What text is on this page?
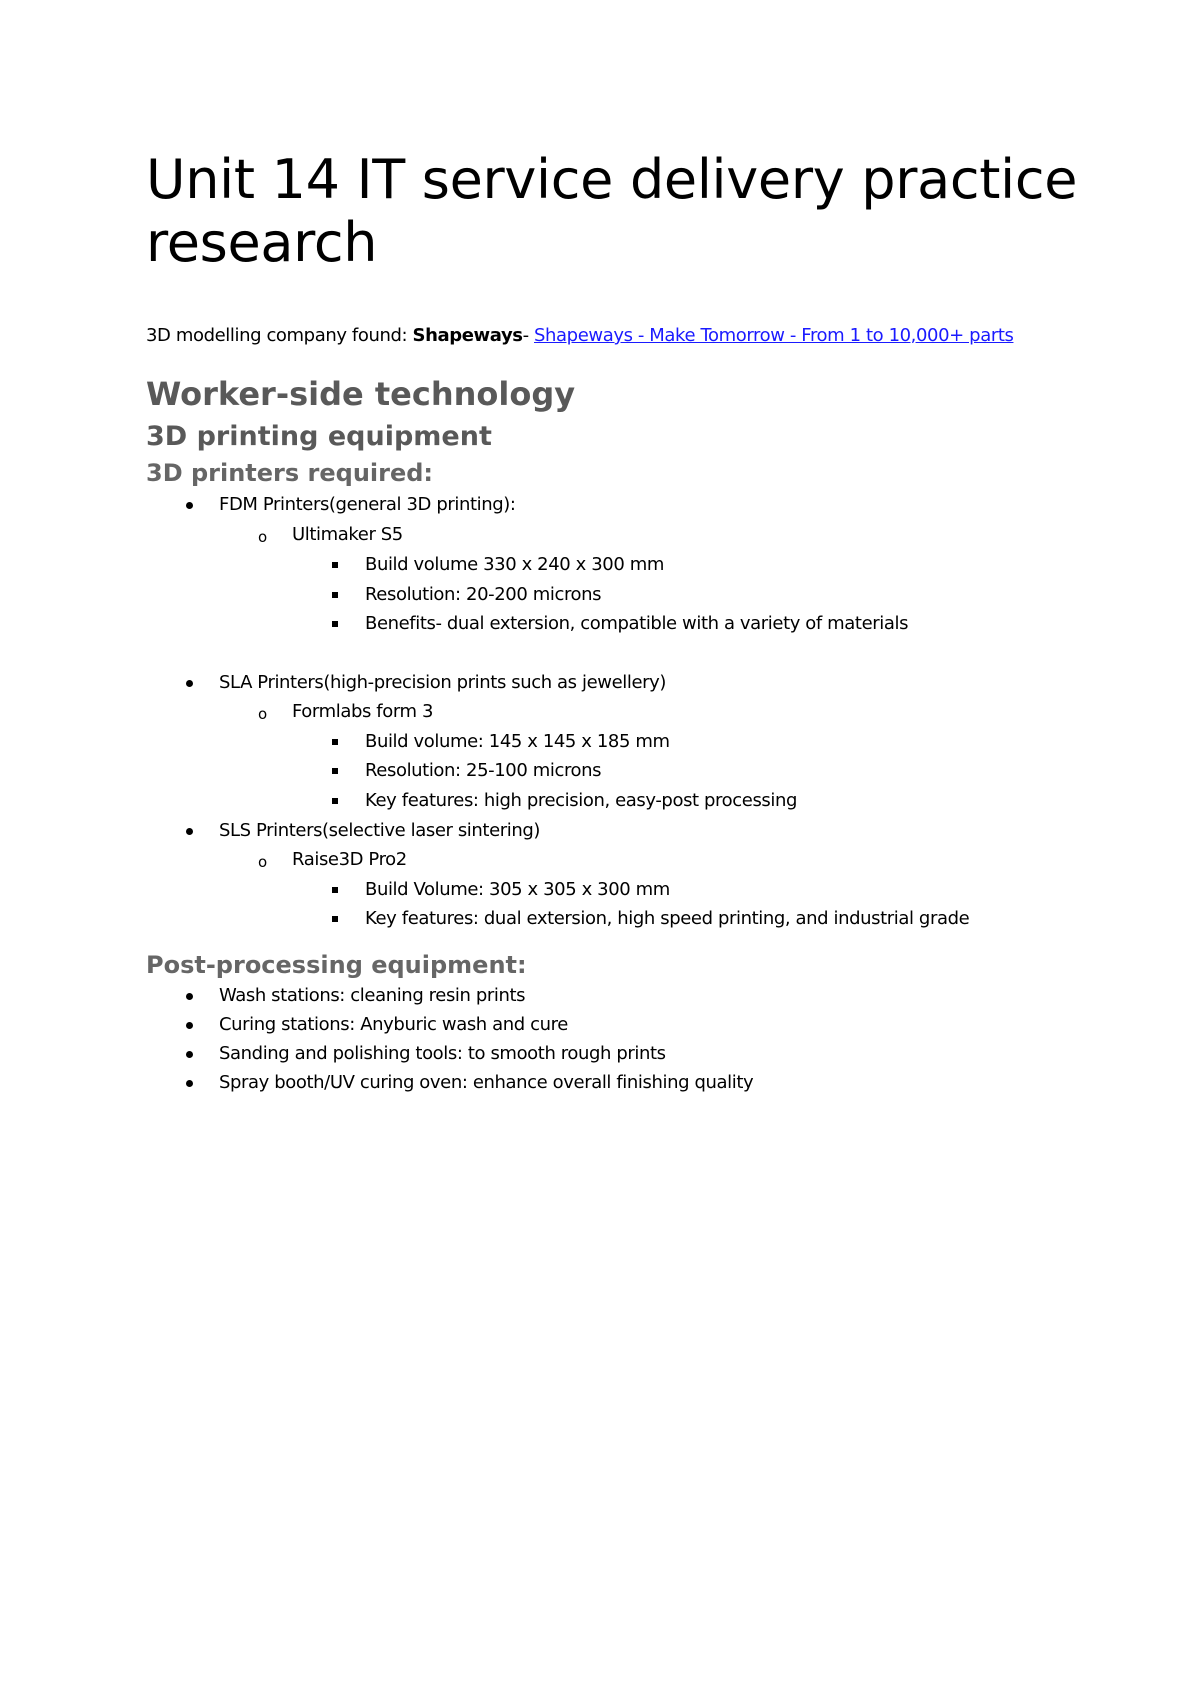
Unit 14 IT service delivery practice research
3D modelling company found: Shapeways- Shapeways - Make Tomorrow - From 1 to 10,000+ parts
Worker-side technology
3D printing equipment
3D printers required:
FDM Printers(general 3D printing):
o Ultimaker S5
Build volume 330 x 240 x 300 mm
Resolution: 20-200 microns
Benefits- dual extersion, compatible with a variety of materials
SLA Printers(high-precision prints such as jewellery)
o Formlabs form 3
Build volume: 145 x 145 x 185 mm
Resolution: 25-100 microns
Key features: high precision, easy-post processing
SLS Printers(selective laser sintering)
o Raise3D Pro2
Build Volume: 305 x 305 x 300 mm
Key features: dual extersion, high speed printing, and industrial grade
Post-processing equipment:
Wash stations: cleaning resin prints
Curing stations: Anyburic wash and cure
Sanding and polishing tools: to smooth rough prints
Spray booth/UV curing oven: enhance overall finishing quality
